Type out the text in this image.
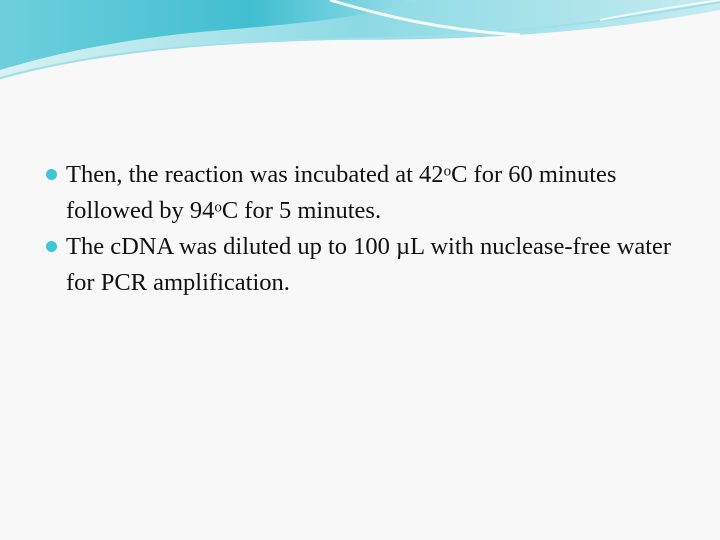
Then, the reaction was incubated at 42$^o$C for 60 minutes followed by 94$^o$C for 5 minutes.

The cDNA was diluted up to 100 µL with nuclease-free water for PCR amplification.
